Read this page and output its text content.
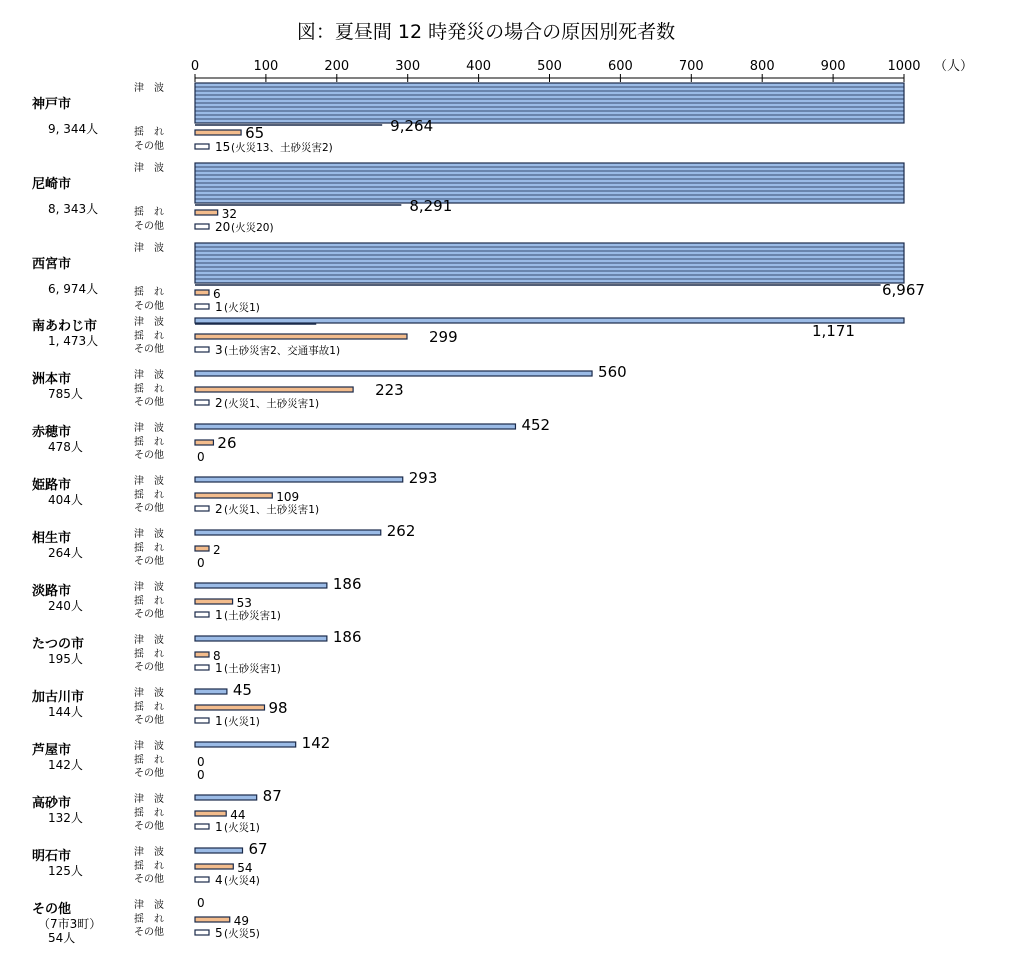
図：夏昼間 12 時発災の場合の原因別死者数
（人）
0	100	200	300	400	500	600	700	800	900	1000
神戸市
9, 344人
津　波
揺　れ
その他
9,264
65
15 (火災13、土砂災害2)
尼崎市
8, 343人
津　波
揺　れ
その他
8,291
32
20 (火災20)
西宮市
6, 974人
津　波
揺　れ
その他
6,967
6
1 (火災1)
南あわじ市
1, 473人
津　波
揺　れ
その他
1,171
299
3 (土砂災害2、交通事故1)
洲本市
785人
津　波
揺　れ
その他
560
223
2 (火災1、土砂災害1)
赤穂市
478人
津　波
揺　れ
その他
452
26
0
姫路市
404人
津　波
揺　れ
その他
293
109
2 (火災1、土砂災害1)
相生市
264人
津　波
揺　れ
その他
262
2
0
淡路市
240人
津　波
揺　れ
その他
186
53
1 (土砂災害1)
たつの市
195人
津　波
揺　れ
その他
186
8
1 (土砂災害1)
加古川市
144人
津　波
揺　れ
その他
45
98
1 (火災1)
芦屋市
142人
津　波
揺　れ
その他
142
0
0
高砂市
132人
津　波
揺　れ
その他
87
44
1 (火災1)
明石市
125人
津　波
揺　れ
その他
67
54
4 (火災4)
その他
（7市3町）
54人
津　波
揺　れ
その他
0
49
5 (火災5)
